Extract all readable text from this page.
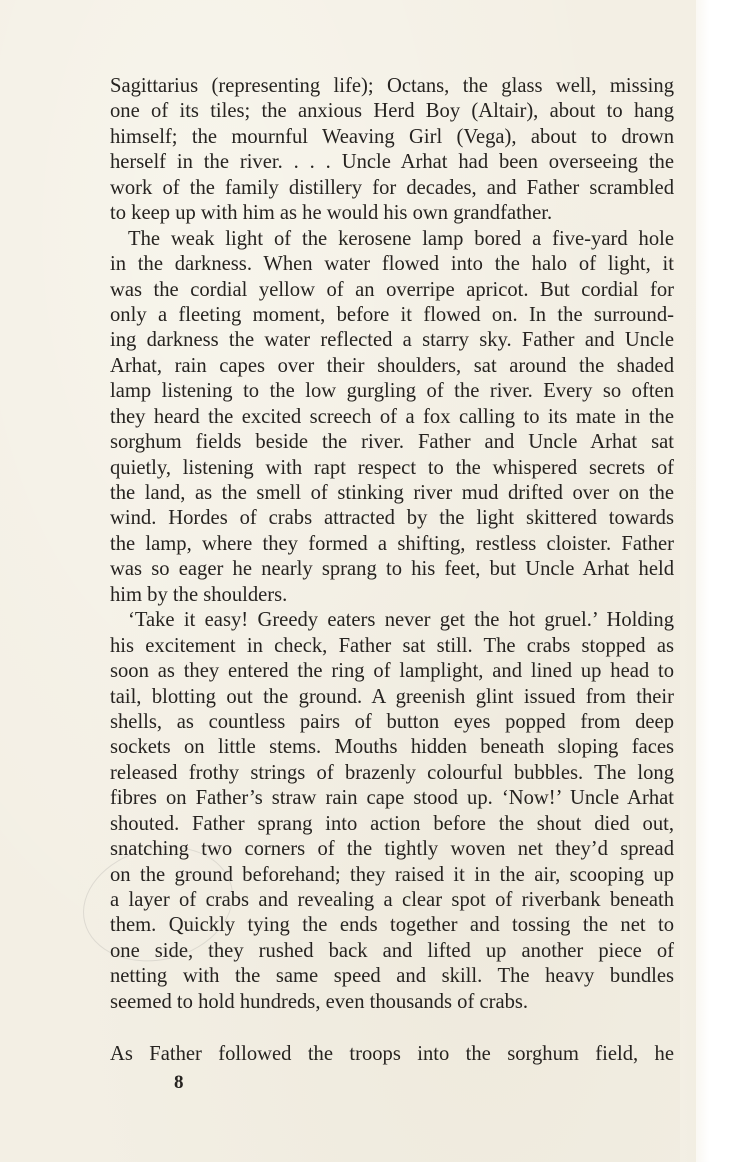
Sagittarius (representing life); Octans, the glass well, missing
one of its tiles; the anxious Herd Boy (Altair), about to hang
himself; the mournful Weaving Girl (Vega), about to drown
herself in the river. . . . Uncle Arhat had been overseeing the
work of the family distillery for decades, and Father scrambled
to keep up with him as he would his own grandfather.
The weak light of the kerosene lamp bored a five-yard hole
in the darkness. When water flowed into the halo of light, it
was the cordial yellow of an overripe apricot. But cordial for
only a fleeting moment, before it flowed on. In the surround-
ing darkness the water reflected a starry sky. Father and Uncle
Arhat, rain capes over their shoulders, sat around the shaded
lamp listening to the low gurgling of the river. Every so often
they heard the excited screech of a fox calling to its mate in the
sorghum fields beside the river. Father and Uncle Arhat sat
quietly, listening with rapt respect to the whispered secrets of
the land, as the smell of stinking river mud drifted over on the
wind. Hordes of crabs attracted by the light skittered towards
the lamp, where they formed a shifting, restless cloister. Father
was so eager he nearly sprang to his feet, but Uncle Arhat held
him by the shoulders.
‘Take it easy! Greedy eaters never get the hot gruel.’ Holding
his excitement in check, Father sat still. The crabs stopped as
soon as they entered the ring of lamplight, and lined up head to
tail, blotting out the ground. A greenish glint issued from their
shells, as countless pairs of button eyes popped from deep
sockets on little stems. Mouths hidden beneath sloping faces
released frothy strings of brazenly colourful bubbles. The long
fibres on Father’s straw rain cape stood up. ‘Now!’ Uncle Arhat
shouted. Father sprang into action before the shout died out,
snatching two corners of the tightly woven net they’d spread
on the ground beforehand; they raised it in the air, scooping up
a layer of crabs and revealing a clear spot of riverbank beneath
them. Quickly tying the ends together and tossing the net to
one side, they rushed back and lifted up another piece of
netting with the same speed and skill. The heavy bundles
seemed to hold hundreds, even thousands of crabs.
As Father followed the troops into the sorghum field, he
8
